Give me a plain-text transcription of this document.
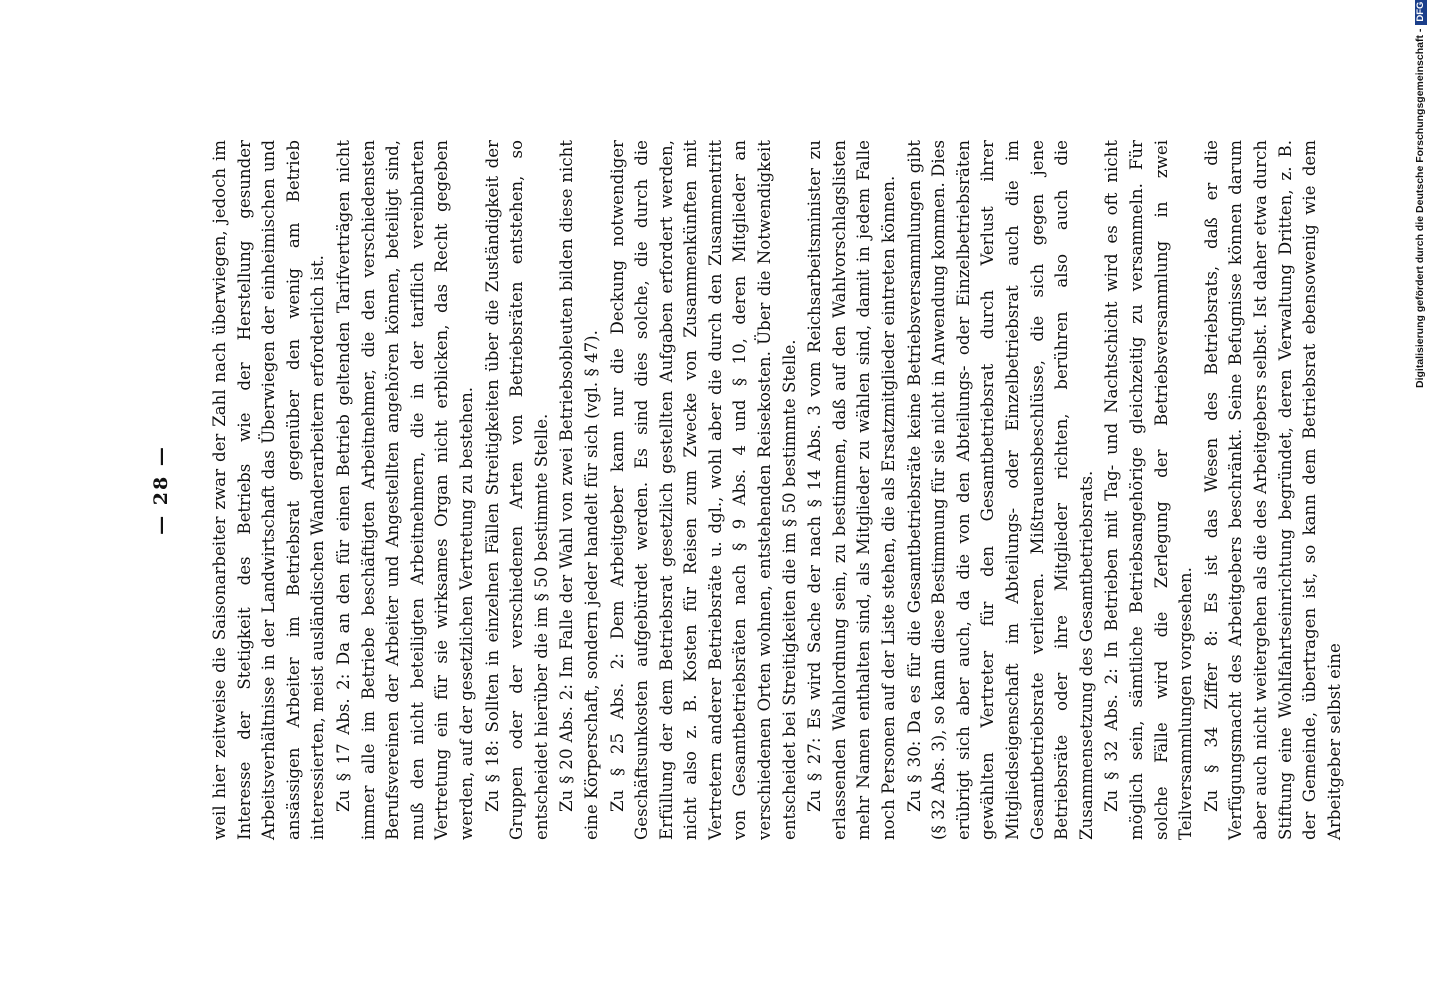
— 28 — weil hier zeitweise die Saisonarbeiter zwar der Zahl nach überwiegen, jedoch im Interesse der Stetigkeit des Betriebs wie der Herstellung gesunder Arbeitsverhältnisse in der Landwirtschaft das Überwiegen der einheimischen und ansässigen Arbeiter im Betriebsrat gegenüber den wenig am Betrieb interessierten, meist ausländischen Wanderarbeitern erforderlich ist. Zu § 17 Abs. 2: Da an den für einen Betrieb geltenden Tarifverträgen nicht immer alle im Betriebe beschäftigten Arbeitnehmer, die den verschiedensten Berufsvereinen der Arbeiter und Angestellten angehören können, beteiligt sind, muß den nicht beteiligten Arbeitnehmern, die in der tariflich vereinbarten Vertretung ein für sie wirksames Organ nicht erblicken, das Recht gegeben werden, auf der gesetzlichen Vertretung zu bestehen. Zu § 18: Sollten in einzelnen Fällen Streitigkeiten über die Zuständigkeit der Gruppen oder der verschiedenen Arten von Betriebsräten entstehen, so entscheidet hierüber die im § 50 bestimmte Stelle. Zu § 20 Abs. 2: Im Falle der Wahl von zwei Betriebsobleuten bilden diese nicht eine Körperschaft, sondern jeder handelt für sich (vgl. § 47). Zu § 25 Abs. 2: Dem Arbeitgeber kann nur die Deckung notwendiger Geschäftsunkosten aufgebürdet werden. Es sind dies solche, die durch die Erfüllung der dem Betriebsrat gesetzlich gestellten Aufgaben erfordert werden, nicht also z. B. Kosten für Reisen zum Zwecke von Zusammenkünften mit Vertretern anderer Betriebsräte u. dgl., wohl aber die durch den Zusammentritt von Gesamtbetriebsräten nach § 9 Abs. 4 und § 10, deren Mitglieder an verschiedenen Orten wohnen, entstehenden Reisekosten. Über die Notwendigkeit entscheidet bei Streitigkeiten die im § 50 bestimmte Stelle. Zu § 27: Es wird Sache der nach § 14 Abs. 3 vom Reichsarbeitsminister zu erlassenden Wahlordnung sein, zu bestimmen, daß auf den Wahlvorschlagslisten mehr Namen enthalten sind, als Mitglieder zu wählen sind, damit in jedem Falle noch Personen auf der Liste stehen, die als Ersatzmitglieder eintreten können. Zu § 30: Da es für die Gesamtbetriebsräte keine Betriebsversammlungen gibt (§ 32 Abs. 3), so kann diese Bestimmung für sie nicht in Anwendung kommen. Dies erübrigt sich aber auch, da die von den Abteilungs- oder Einzelbetriebsräten gewählten Vertreter für den Gesamtbetriebsrat durch Verlust ihrer Mitgliedseigenschaft im Abteilungs- oder Einzelbetriebsrat auch die im Gesamtbetriebsrate verlieren. Mißtrauensbeschlüsse, die sich gegen jene Betriebsräte oder ihre Mitglieder richten, berühren also auch die Zusammensetzung des Gesamtbetriebsrats. Zu § 32 Abs. 2: In Betrieben mit Tag- und Nachtschicht wird es oft nicht möglich sein, sämtliche Betriebsangehörige gleichzeitig zu versammeln. Für solche Fälle wird die Zerlegung der Betriebsversammlung in zwei Teilversammlungen vorgesehen. Zu § 34 Ziffer 8: Es ist das Wesen des Betriebsrats, daß er die Verfügungsmacht des Arbeitgebers beschränkt. Seine Befugnisse können darum aber auch nicht weitergehen als die des Arbeitgebers selbst. Ist daher etwa durch Stiftung eine Wohlfahrtseinrichtung begründet, deren Verwaltung Dritten, z. B. der Gemeinde, übertragen ist, so kann dem Betriebsrat ebensowenig wie dem Arbeitgeber selbst eine

Digitalisierung gefördert durch die Deutsche Forschungsgemeinschaft -DFG
